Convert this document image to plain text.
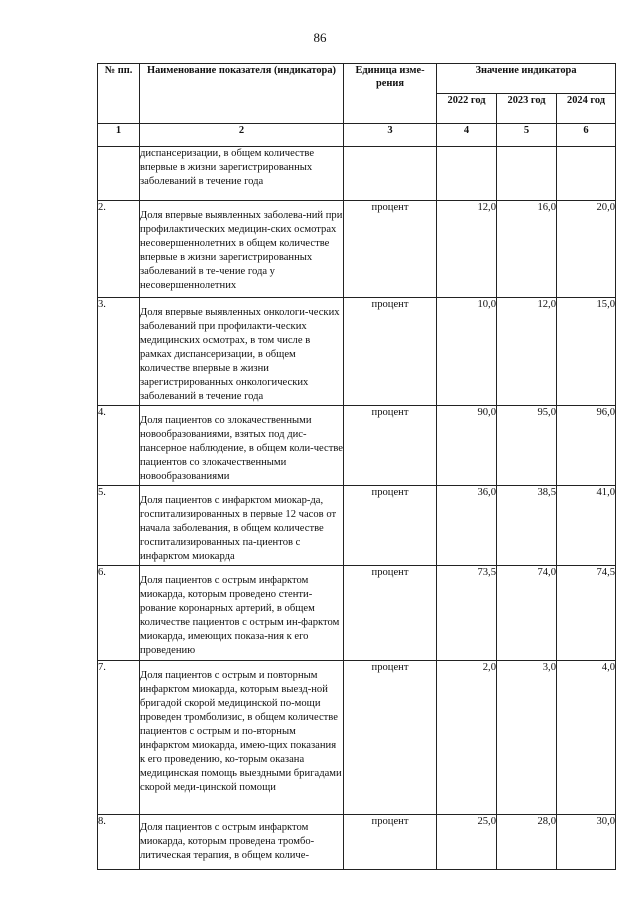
86
№ пп.	Наименование показателя (индикатора)	Единица изме-рения	Значение индикатора		
			2022 год	2023 год	2024 год
1	2	3	4	5	6
	диспансеризации, в общем количестве впервые в жизни зарегистрированных заболеваний в течение года				
2.	Доля впервые выявленных заболева-ний при профилактических медицин-ских осмотрах несовершеннолетних в общем количестве впервые в жизни зарегистрированных заболеваний в те-чение года у несовершеннолетних	процент	12,0	16,0	20,0
3.	Доля впервые выявленных онкологи-ческих заболеваний при профилакти-ческих медицинских осмотрах, в том числе в рамках диспансеризации, в общем количестве впервые в жизни зарегистрированных онкологических заболеваний в течение года	процент	10,0	12,0	15,0
4.	Доля пациентов со злокачественными новообразованиями, взятых под дис-пансерное наблюдение, в общем коли-честве пациентов со злокачественными новообразованиями	процент	90,0	95,0	96,0
5.	Доля пациентов с инфарктом миокар-да, госпитализированных в первые 12 часов от начала заболевания, в общем количестве госпитализированных па-циентов с инфарктом миокарда	процент	36,0	38,5	41,0
6.	Доля пациентов с острым инфарктом миокарда, которым проведено стенти-рование коронарных артерий, в общем количестве пациентов с острым ин-фарктом миокарда, имеющих показа-ния к его проведению	процент	73,5	74,0	74,5
7.	Доля пациентов с острым и повторным инфарктом миокарда, которым выезд-ной бригадой скорой медицинской по-мощи проведен тромболизис, в общем количестве пациентов с острым и по-вторным инфарктом миокарда, имею-щих показания к его проведению, ко-торым оказана медицинская помощь выездными бригадами скорой меди-цинской помощи	процент	2,0	3,0	4,0
8.	Доля пациентов с острым инфарктом миокарда, которым проведена тромбо-литическая терапия, в общем количе-	процент	25,0	28,0	30,0
